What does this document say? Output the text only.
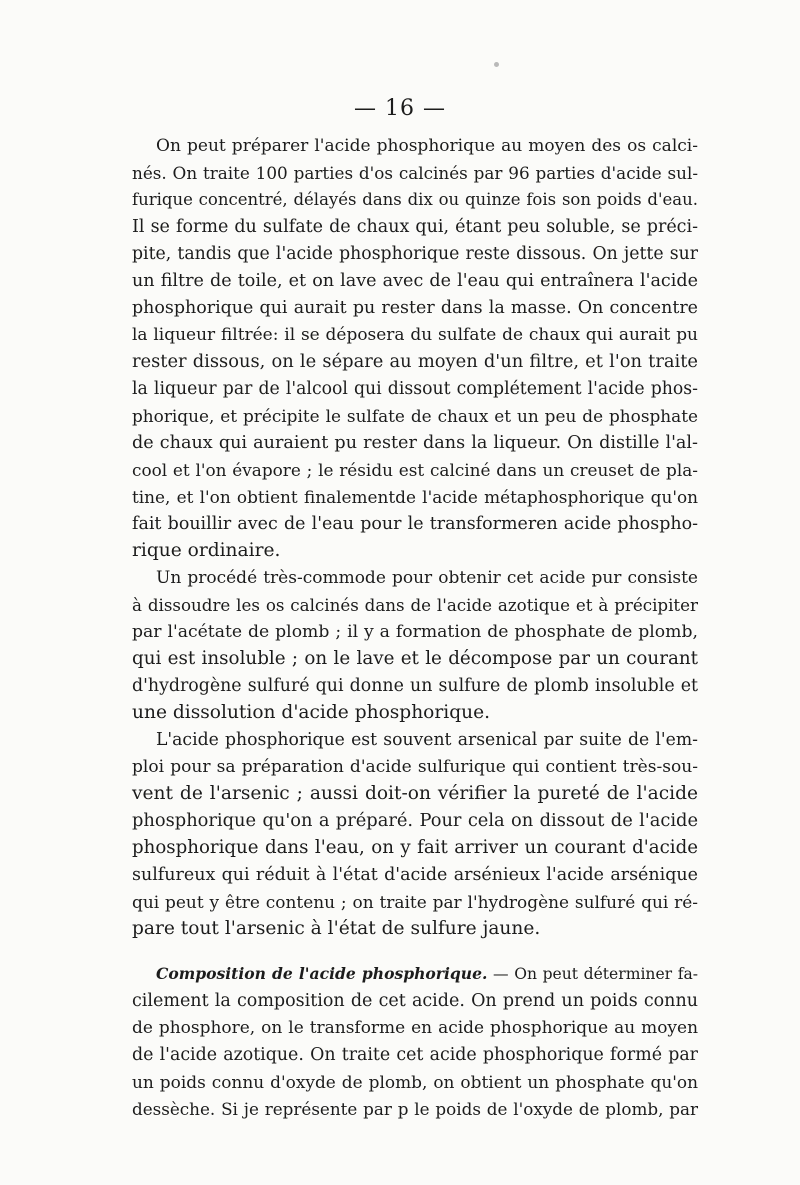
— 16 —
On peut préparer l'acide phosphorique au moyen des os calci-
nés. On traite 100 parties d'os calcinés par 96 parties d'acide sul-
furique concentré, délayés dans dix ou quinze fois son poids d'eau.
Il se forme du sulfate de chaux qui, étant peu soluble, se préci-
pite, tandis que l'acide phosphorique reste dissous. On jette sur
un filtre de toile, et on lave avec de l'eau qui entraînera l'acide
phosphorique qui aurait pu rester dans la masse. On concentre
la liqueur filtrée: il se déposera du sulfate de chaux qui aurait pu
rester dissous, on le sépare au moyen d'un filtre, et l'on traite
la liqueur par de l'alcool qui dissout complétement l'acide phos-
phorique, et précipite le sulfate de chaux et un peu de phosphate
de chaux qui auraient pu rester dans la liqueur. On distille l'al-
cool et l'on évapore ; le résidu est calciné dans un creuset de pla-
tine, et l'on obtient finalementde l'acide métaphosphorique qu'on
fait bouillir avec de l'eau pour le transformeren acide phospho-
rique ordinaire.
Un procédé très-commode pour obtenir cet acide pur consiste
à dissoudre les os calcinés dans de l'acide azotique et à précipiter
par l'acétate de plomb ; il y a formation de phosphate de plomb,
qui est insoluble ; on le lave et le décompose par un courant
d'hydrogène sulfuré qui donne un sulfure de plomb insoluble et
une dissolution d'acide phosphorique.
L'acide phosphorique est souvent arsenical par suite de l'em-
ploi pour sa préparation d'acide sulfurique qui contient très-sou-
vent de l'arsenic ; aussi doit-on vérifier la pureté de l'acide
phosphorique qu'on a préparé. Pour cela on dissout de l'acide
phosphorique dans l'eau, on y fait arriver un courant d'acide
sulfureux qui réduit à l'état d'acide arsénieux l'acide arsénique
qui peut y être contenu ; on traite par l'hydrogène sulfuré qui ré-
pare tout l'arsenic à l'état de sulfure jaune.
Composition de l'acide phosphorique. — On peut déterminer fa-
cilement la composition de cet acide. On prend un poids connu
de phosphore, on le transforme en acide phosphorique au moyen
de l'acide azotique. On traite cet acide phosphorique formé par
un poids connu d'oxyde de plomb, on obtient un phosphate qu'on
dessèche. Si je représente par p le poids de l'oxyde de plomb, par
